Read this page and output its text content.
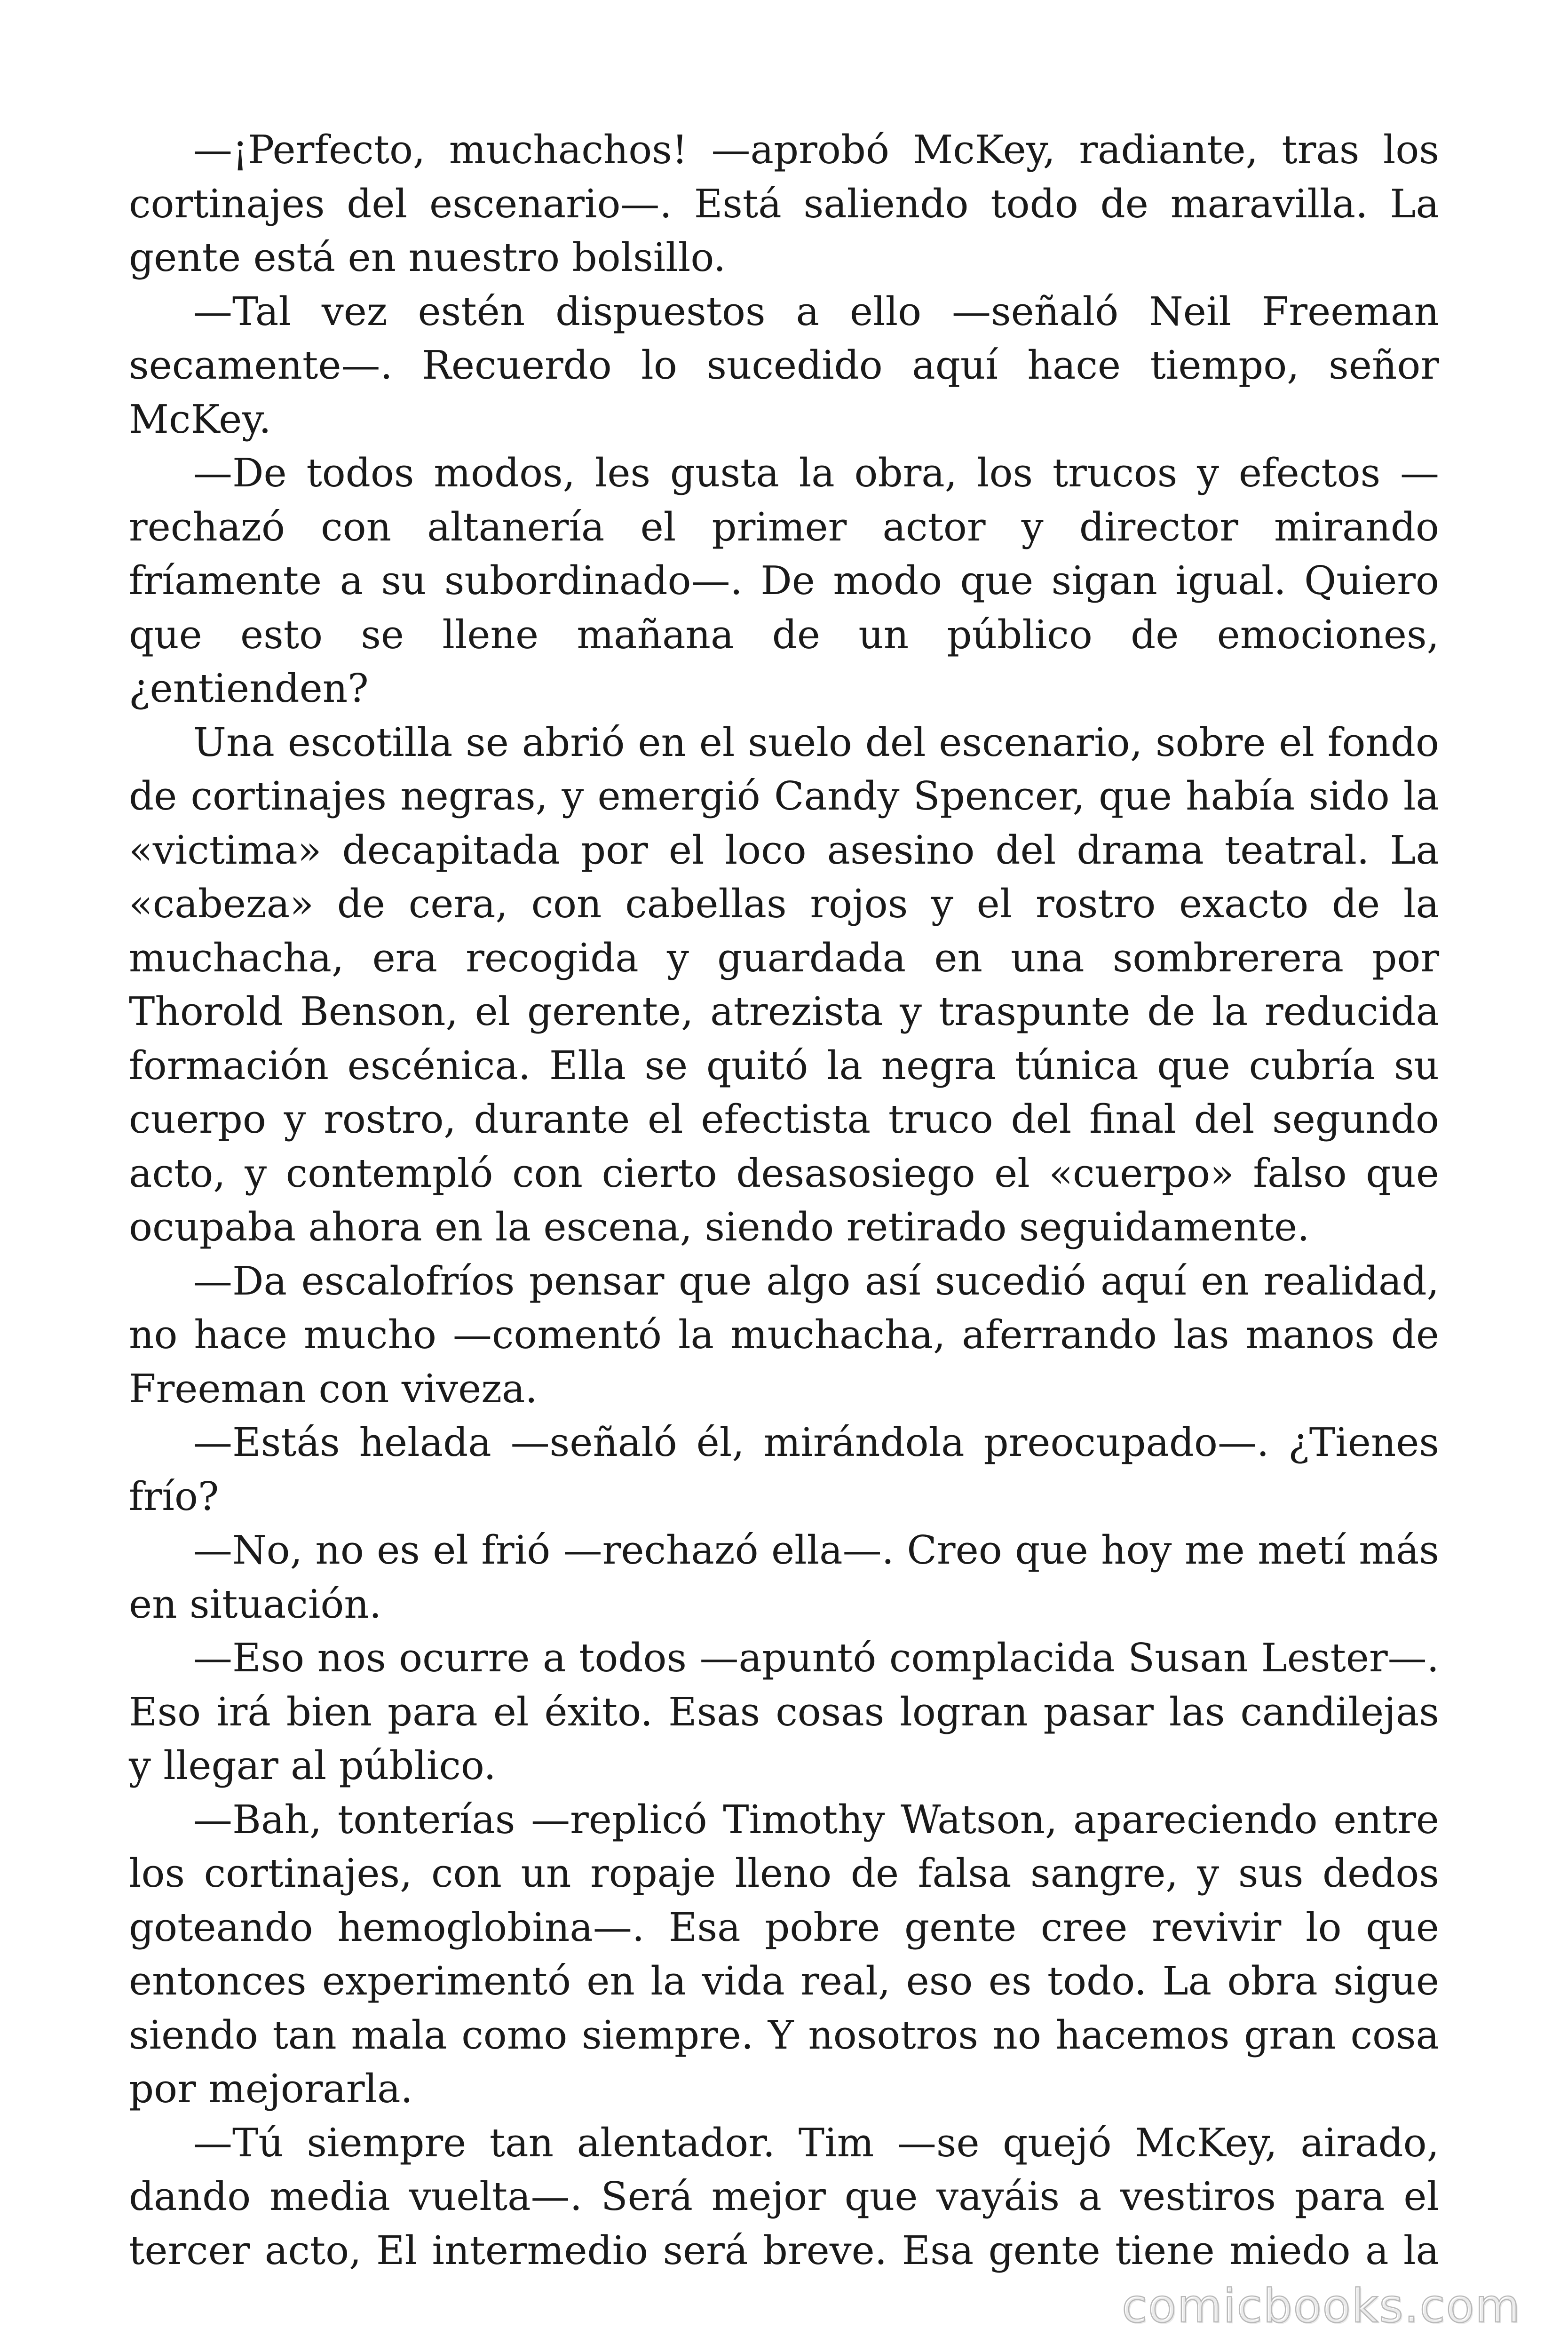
—¡Perfecto, muchachos! —aprobó McKey, radiante, tras los cortinajes del escenario—. Está saliendo todo de maravilla. La gente está en nuestro bolsillo.

—Tal vez estén dispuestos a ello —señaló Neil Freeman secamente—. Recuerdo lo sucedido aquí hace tiempo, señor McKey.

—De todos modos, les gusta la obra, los trucos y efectos —rechazó con altanería el primer actor y director mirando fríamente a su subordinado—. De modo que sigan igual. Quiero que esto se llene mañana de un público de emociones, ¿entienden?

Una escotilla se abrió en el suelo del escenario, sobre el fondo de cortinajes negras, y emergió Candy Spencer, que había sido la «victima» decapitada por el loco asesino del drama teatral. La «cabeza» de cera, con cabellas rojos y el rostro exacto de la muchacha, era recogida y guardada en una sombrerera por Thorold Benson, el gerente, atrezista y traspunte de la reducida formación escénica. Ella se quitó la negra túnica que cubría su cuerpo y rostro, durante el efectista truco del final del segundo acto, y contempló con cierto desasosiego el «cuerpo» falso que ocupaba ahora en la escena, siendo retirado seguidamente.

—Da escalofríos pensar que algo así sucedió aquí en realidad, no hace mucho —comentó la muchacha, aferrando las manos de Freeman con viveza.

—Estás helada —señaló él, mirándola preocupado—. ¿Tienes frío?

—No, no es el frió —rechazó ella—. Creo que hoy me metí más en situación.

—Eso nos ocurre a todos —apuntó complacida Susan Lester—. Eso irá bien para el éxito. Esas cosas logran pasar las candilejas y llegar al público.

—Bah, tonterías —replicó Timothy Watson, apareciendo entre los cortinajes, con un ropaje lleno de falsa sangre, y sus dedos goteando hemoglobina—. Esa pobre gente cree revivir lo que entonces experimentó en la vida real, eso es todo. La obra sigue siendo tan mala como siempre. Y nosotros no hacemos gran cosa por mejorarla.

—Tú siempre tan alentador. Tim —se quejó McKey, airado, dando media vuelta—. Será mejor que vayáis a vestiros para el tercer acto, El intermedio será breve. Esa gente tiene miedo a la

comicbooks.com
